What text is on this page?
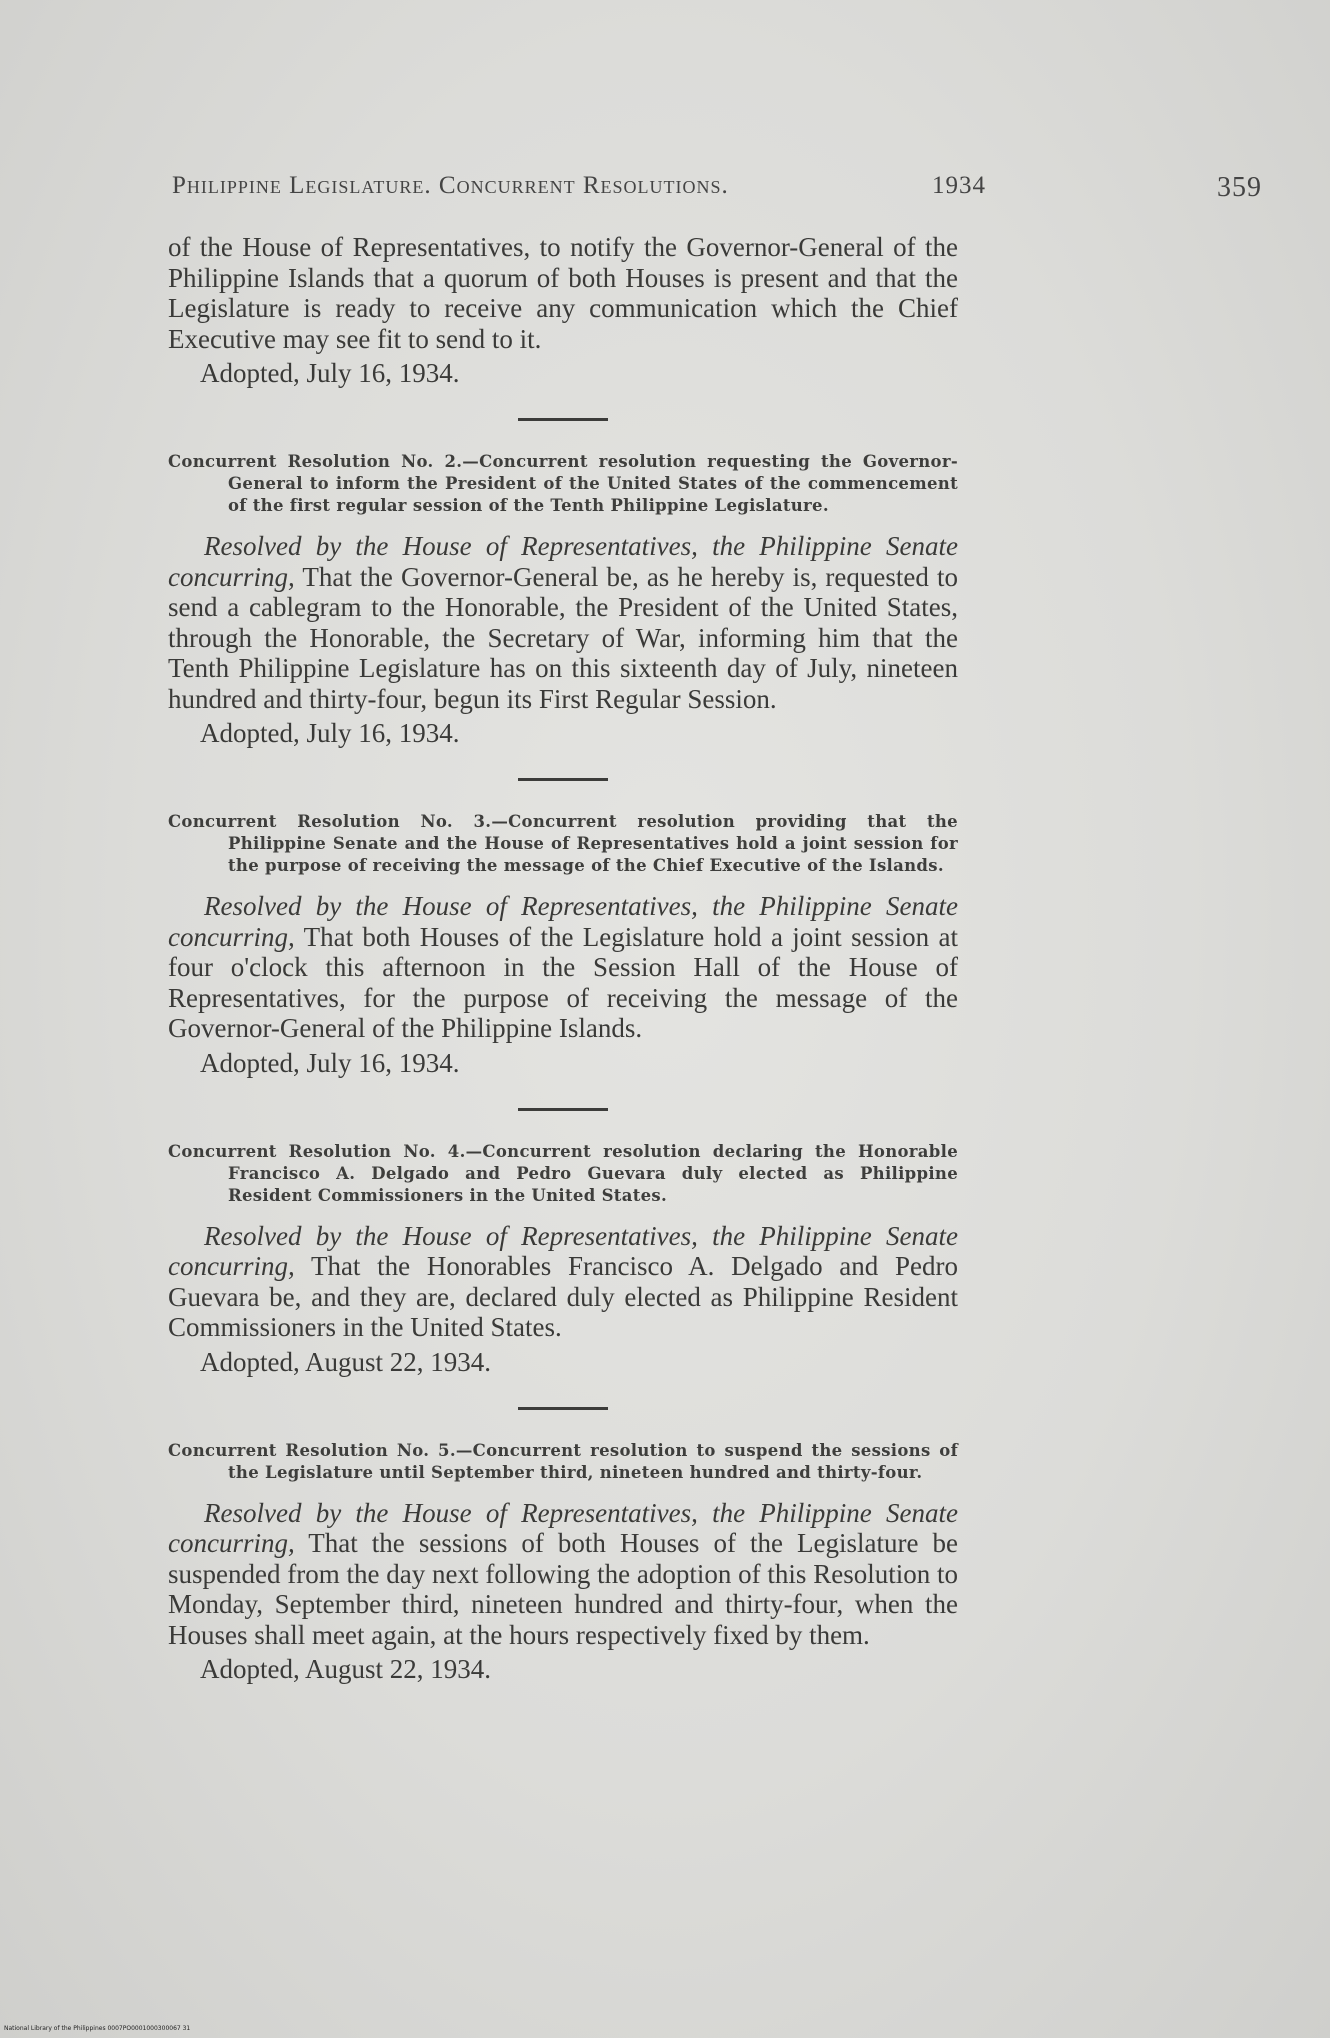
Philippine Legislature. Concurrent Resolutions.	1934	359

of the House of Representatives, to notify the Governor-General of the Philippine Islands that a quorum of both Houses is present and that the Legislature is ready to receive any communication which the Chief Executive may see fit to send to it.

Adopted, July 16, 1934.

Concurrent Resolution No. 2.—Concurrent resolution requesting the Governor-General to inform the President of the United States of the commencement of the first regular session of the Tenth Philippine Legislature.

Resolved by the House of Representatives, the Philippine Senate concurring, That the Governor-General be, as he hereby is, requested to send a cablegram to the Honorable, the President of the United States, through the Honorable, the Secretary of War, informing him that the Tenth Philippine Legislature has on this sixteenth day of July, nineteen hundred and thirty-four, begun its First Regular Session.

Adopted, July 16, 1934.

Concurrent Resolution No. 3.—Concurrent resolution providing that the Philippine Senate and the House of Representatives hold a joint session for the purpose of receiving the message of the Chief Executive of the Islands.

Resolved by the House of Representatives, the Philippine Senate concurring, That both Houses of the Legislature hold a joint session at four o'clock this afternoon in the Session Hall of the House of Representatives, for the purpose of receiving the message of the Governor-General of the Philippine Islands.

Adopted, July 16, 1934.

Concurrent Resolution No. 4.—Concurrent resolution declaring the Honorable Francisco A. Delgado and Pedro Guevara duly elected as Philippine Resident Commissioners in the United States.

Resolved by the House of Representatives, the Philippine Senate concurring, That the Honorables Francisco A. Delgado and Pedro Guevara be, and they are, declared duly elected as Philippine Resident Commissioners in the United States.

Adopted, August 22, 1934.

Concurrent Resolution No. 5.—Concurrent resolution to suspend the sessions of the Legislature until September third, nineteen hundred and thirty-four.

Resolved by the House of Representatives, the Philippine Senate concurring, That the sessions of both Houses of the Legislature be suspended from the day next following the adoption of this Resolution to Monday, September third, nineteen hundred and thirty-four, when the Houses shall meet again, at the hours respectively fixed by them.

Adopted, August 22, 1934.

National Library of the Philippines 0007PO0001000300067 31
